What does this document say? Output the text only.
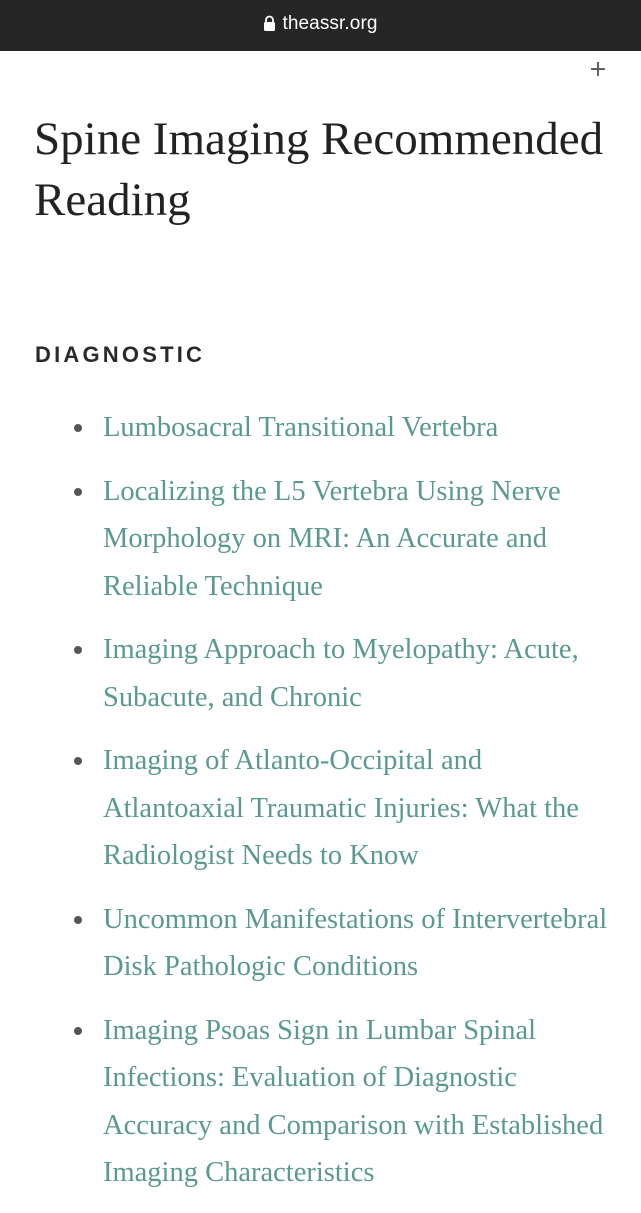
theassr.org
+
Spine Imaging Recommended Reading
DIAGNOSTIC
Lumbosacral Transitional Vertebra
Localizing the L5 Vertebra Using Nerve Morphology on MRI: An Accurate and Reliable Technique
Imaging Approach to Myelopathy: Acute, Subacute, and Chronic
Imaging of Atlanto-Occipital and Atlantoaxial Traumatic Injuries: What the Radiologist Needs to Know
Uncommon Manifestations of Intervertebral Disk Pathologic Conditions
Imaging Psoas Sign in Lumbar Spinal Infections: Evaluation of Diagnostic Accuracy and Comparison with Established Imaging Characteristics
